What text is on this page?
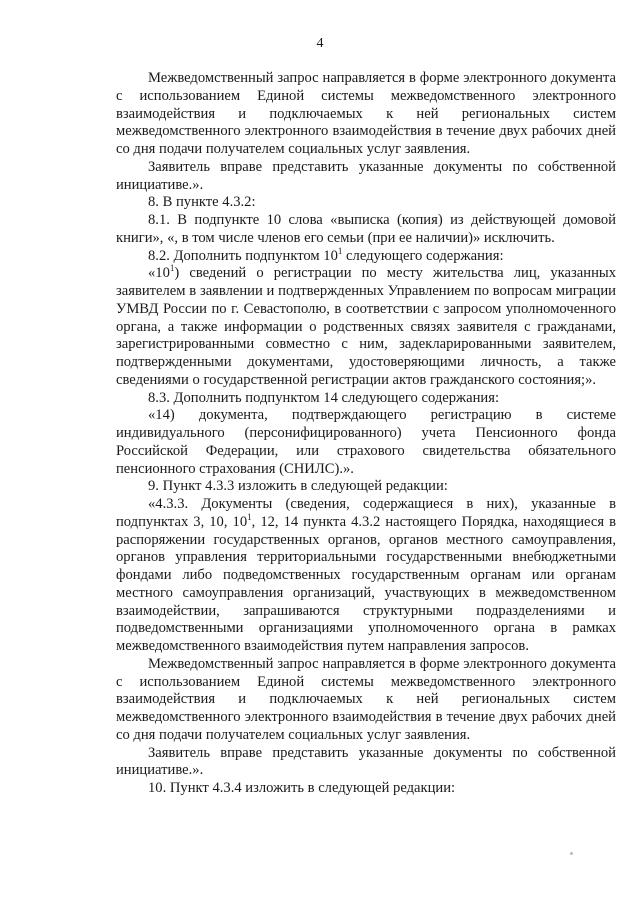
4

Межведомственный запрос направляется в форме электронного документа с использованием Единой системы межведомственного электронного взаимодействия и подключаемых к ней региональных систем межведомственного электронного взаимодействия в течение двух рабочих дней со дня подачи получателем социальных услуг заявления.

Заявитель вправе представить указанные документы по собственной инициативе.».

8. В пункте 4.3.2:

8.1. В подпункте 10 слова «выписка (копия) из действующей домовой книги», «, в том числе членов его семьи (при ее наличии)» исключить.

8.2. Дополнить подпунктом $10^1$ следующего содержания:

«$10^1$) сведений о регистрации по месту жительства лиц, указанных заявителем в заявлении и подтвержденных Управлением по вопросам миграции УМВД России по г. Севастополю, в соответствии с запросом уполномоченного органа, а также информации о родственных связях заявителя с гражданами, зарегистрированными совместно с ним, задекларированными заявителем, подтвержденными документами, удостоверяющими личность, а также сведениями о государственной регистрации актов гражданского состояния;».

8.3. Дополнить подпунктом 14 следующего содержания:

«14) документа, подтверждающего регистрацию в системе индивидуального (персонифицированного) учета Пенсионного фонда Российской Федерации, или страхового свидетельства обязательного пенсионного страхования (СНИЛС).».

9. Пункт 4.3.3 изложить в следующей редакции:

«4.3.3. Документы (сведения, содержащиеся в них), указанные в подпунктах 3, 10, $10^1$, 12, 14 пункта 4.3.2 настоящего Порядка, находящиеся в распоряжении государственных органов, органов местного самоуправления, органов управления территориальными государственными внебюджетными фондами либо подведомственных государственным органам или органам местного самоуправления организаций, участвующих в межведомственном взаимодействии, запрашиваются структурными подразделениями и подведомственными организациями уполномоченного органа в рамках межведомственного взаимодействия путем направления запросов.

Межведомственный запрос направляется в форме электронного документа с использованием Единой системы межведомственного электронного взаимодействия и подключаемых к ней региональных систем межведомственного электронного взаимодействия в течение двух рабочих дней со дня подачи получателем социальных услуг заявления.

Заявитель вправе представить указанные документы по собственной инициативе.».

10. Пункт 4.3.4 изложить в следующей редакции:
